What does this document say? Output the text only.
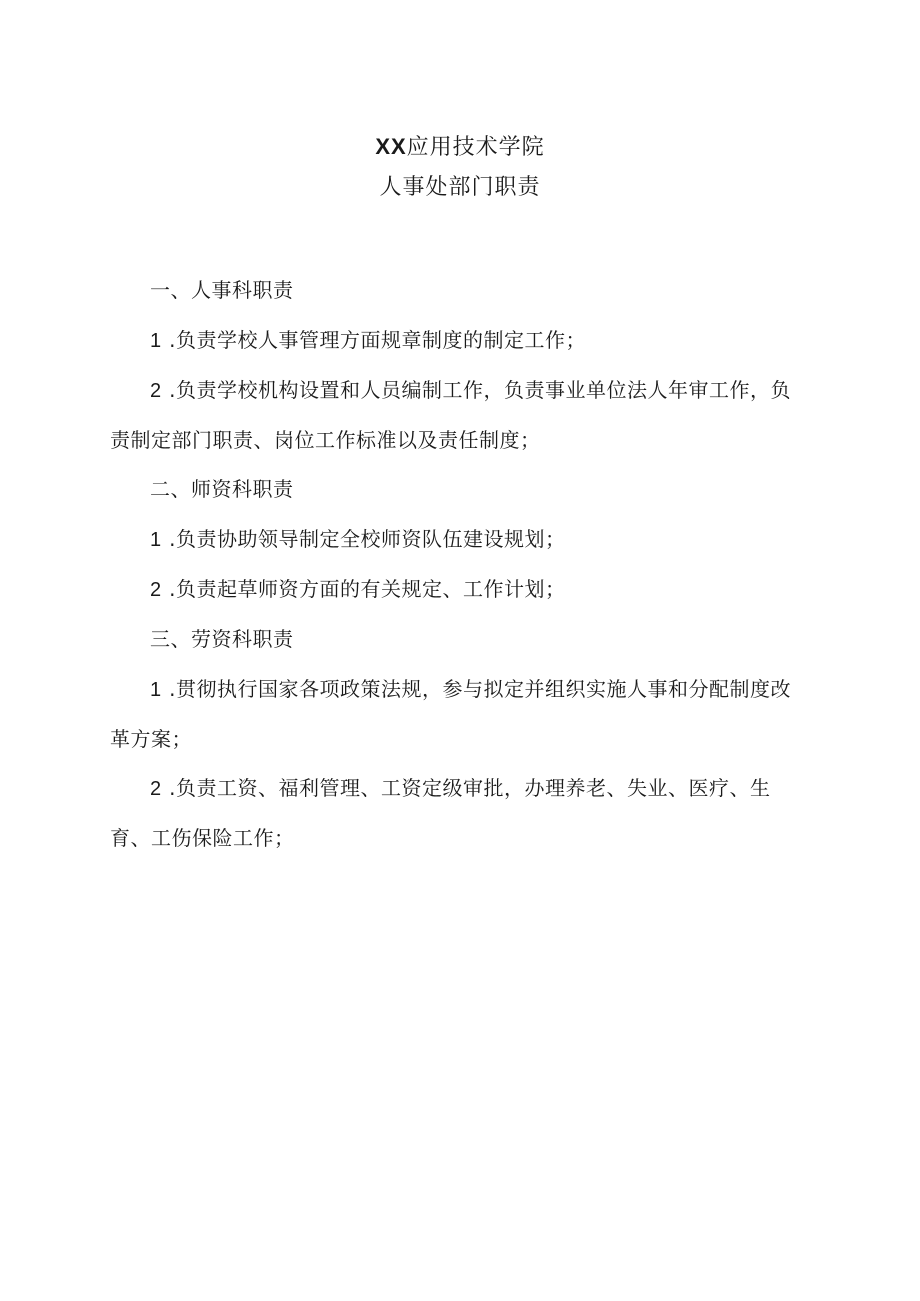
XX应用技术学院
人事处部门职责

一、人事科职责

1.负责学校人事管理方面规章制度的制定工作；

2.负责学校机构设置和人员编制工作，负责事业单位法人年审工作，负责制定部门职责、岗位工作标准以及责任制度；

二、师资科职责

1.负责协助领导制定全校师资队伍建设规划；

2.负责起草师资方面的有关规定、工作计划；

三、劳资科职责

1.贯彻执行国家各项政策法规，参与拟定并组织实施人事和分配制度改革方案；

2.负责工资、福利管理、工资定级审批，办理养老、失业、医疗、生育、工伤保险工作；
